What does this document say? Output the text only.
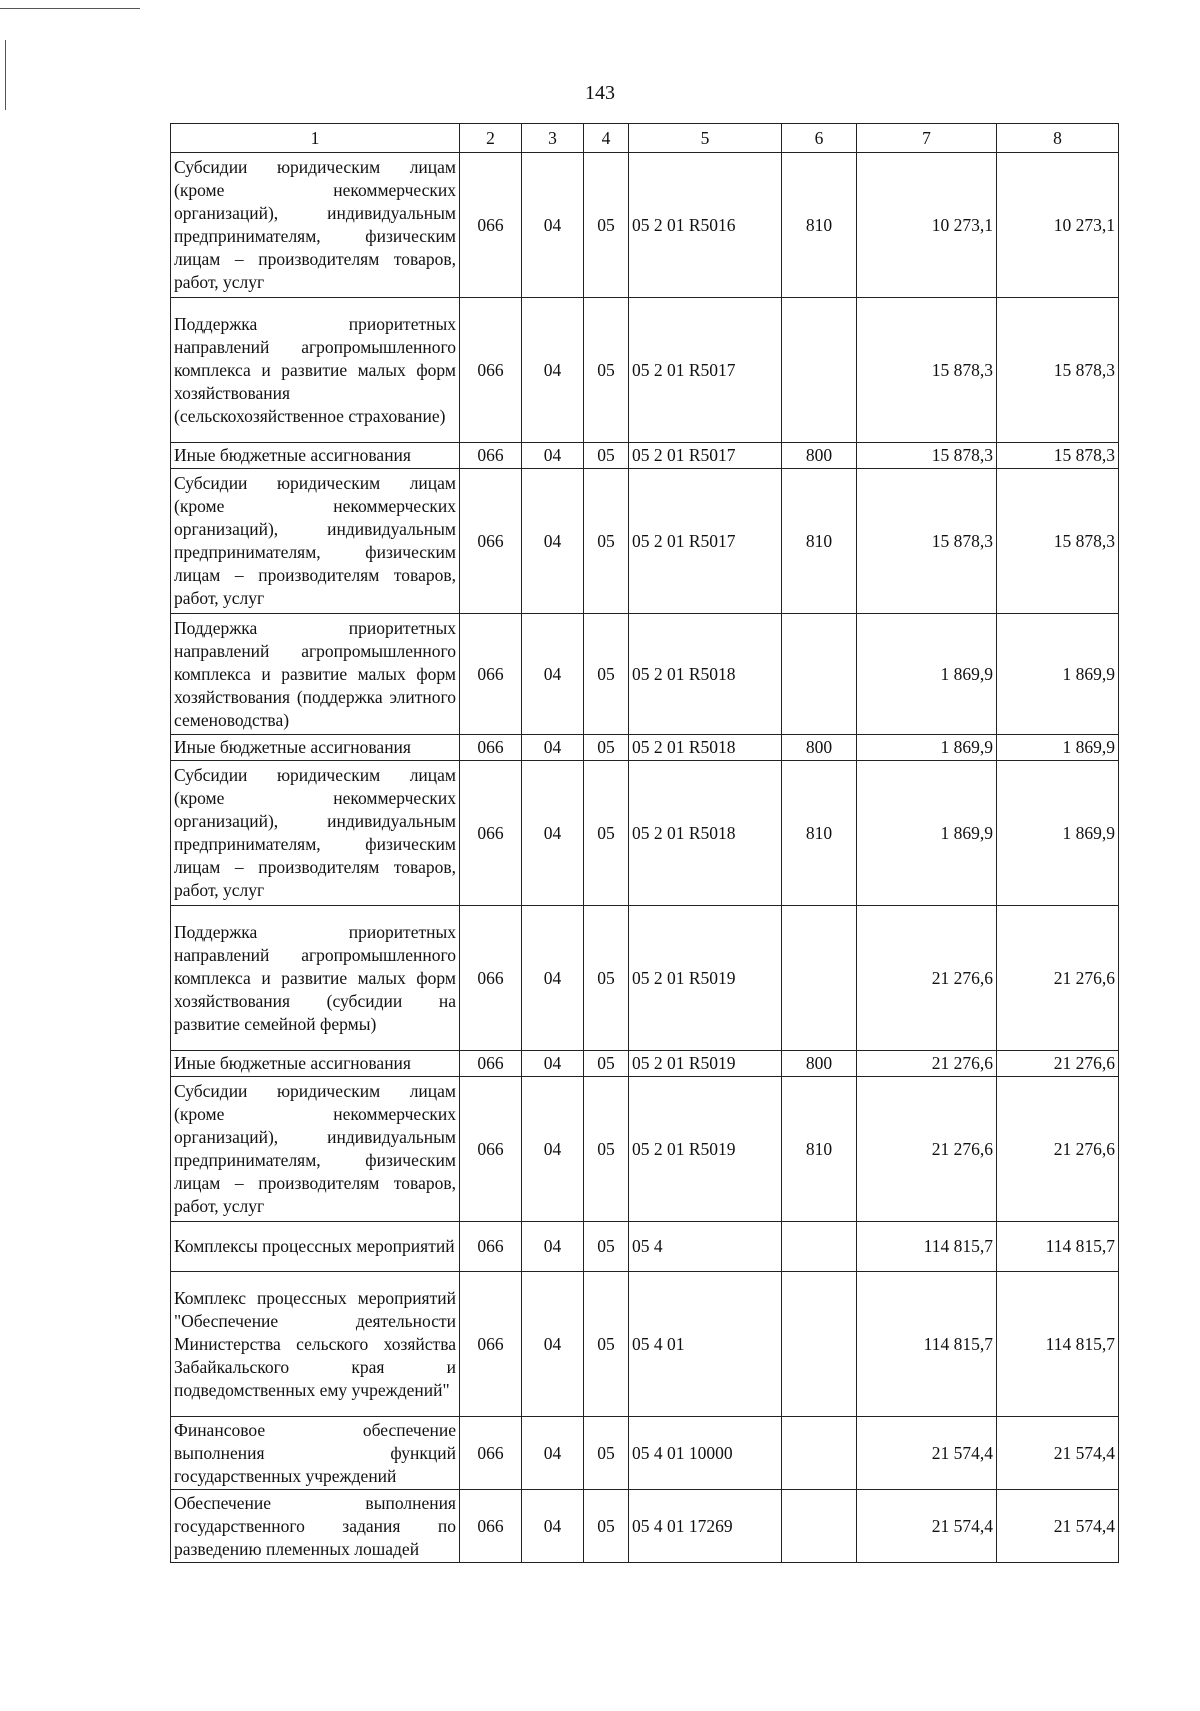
143
1	2	3	4	5	6	7	8
Субсидии юридическим лицам (кроме некоммерческих организаций), индивидуальным предпринимателям, физическим лицам – производителям товаров, работ, услуг	066	04	05	05 2 01 R5016	810	10 273,1	10 273,1
Поддержка приоритетных направлений агропромышленного комплекса и развитие малых форм хозяйствования (сельскохозяйственное страхование)	066	04	05	05 2 01 R5017		15 878,3	15 878,3
Иные бюджетные ассигнования	066	04	05	05 2 01 R5017	800	15 878,3	15 878,3
Субсидии юридическим лицам (кроме некоммерческих организаций), индивидуальным предпринимателям, физическим лицам – производителям товаров, работ, услуг	066	04	05	05 2 01 R5017	810	15 878,3	15 878,3
Поддержка приоритетных направлений агропромышленного комплекса и развитие малых форм хозяйствования (поддержка элитного семеноводства)	066	04	05	05 2 01 R5018		1 869,9	1 869,9
Иные бюджетные ассигнования	066	04	05	05 2 01 R5018	800	1 869,9	1 869,9
Субсидии юридическим лицам (кроме некоммерческих организаций), индивидуальным предпринимателям, физическим лицам – производителям товаров, работ, услуг	066	04	05	05 2 01 R5018	810	1 869,9	1 869,9
Поддержка приоритетных направлений агропромышленного комплекса и развитие малых форм хозяйствования (субсидии на развитие семейной фермы)	066	04	05	05 2 01 R5019		21 276,6	21 276,6
Иные бюджетные ассигнования	066	04	05	05 2 01 R5019	800	21 276,6	21 276,6
Субсидии юридическим лицам (кроме некоммерческих организаций), индивидуальным предпринимателям, физическим лицам – производителям товаров, работ, услуг	066	04	05	05 2 01 R5019	810	21 276,6	21 276,6
Комплексы процессных мероприятий	066	04	05	05 4		114 815,7	114 815,7
Комплекс процессных мероприятий "Обеспечение деятельности Министерства сельского хозяйства Забайкальского края и подведомственных ему учреждений"	066	04	05	05 4 01		114 815,7	114 815,7
Финансовое обеспечение выполнения функций государственных учреждений	066	04	05	05 4 01 10000		21 574,4	21 574,4
Обеспечение выполнения государственного задания по разведению племенных лошадей	066	04	05	05 4 01 17269		21 574,4	21 574,4
